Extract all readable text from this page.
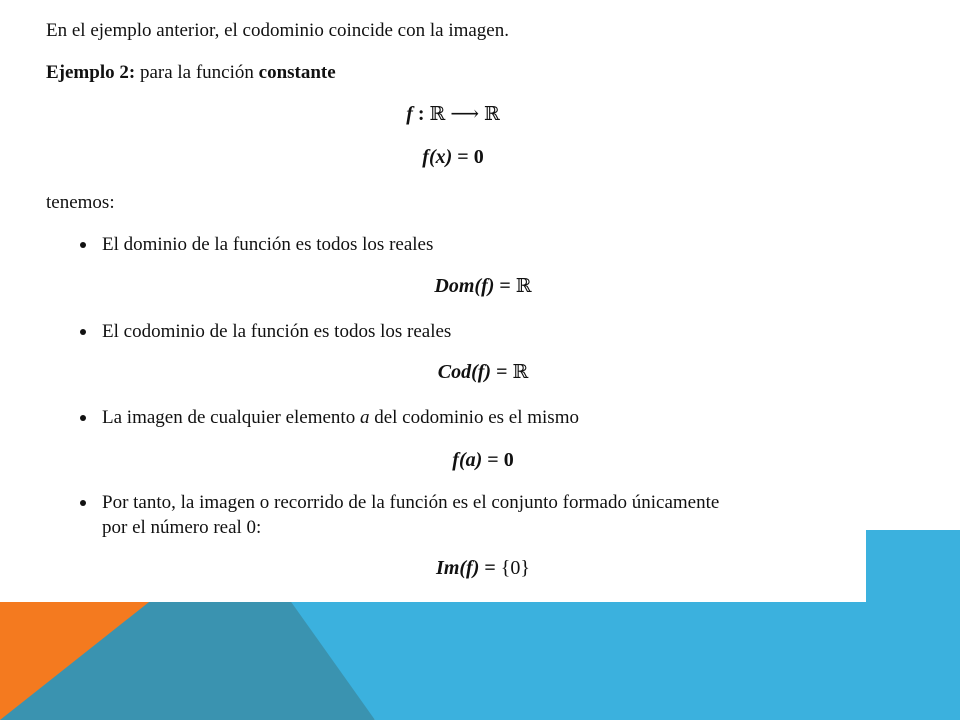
En el ejemplo anterior, el codominio coincide con la imagen.
Ejemplo 2: para la función constante
f : ℝ ⟶ ℝ
f(x) = 0
tenemos:
El dominio de la función es todos los reales
Dom(f) = ℝ
El codominio de la función es todos los reales
Cod(f) = ℝ
La imagen de cualquier elemento a del codominio es el mismo
f(a) = 0
Por tanto, la imagen o recorrido de la función es el conjunto formado únicamente
por el número real 0:
Im(f) = {0}
